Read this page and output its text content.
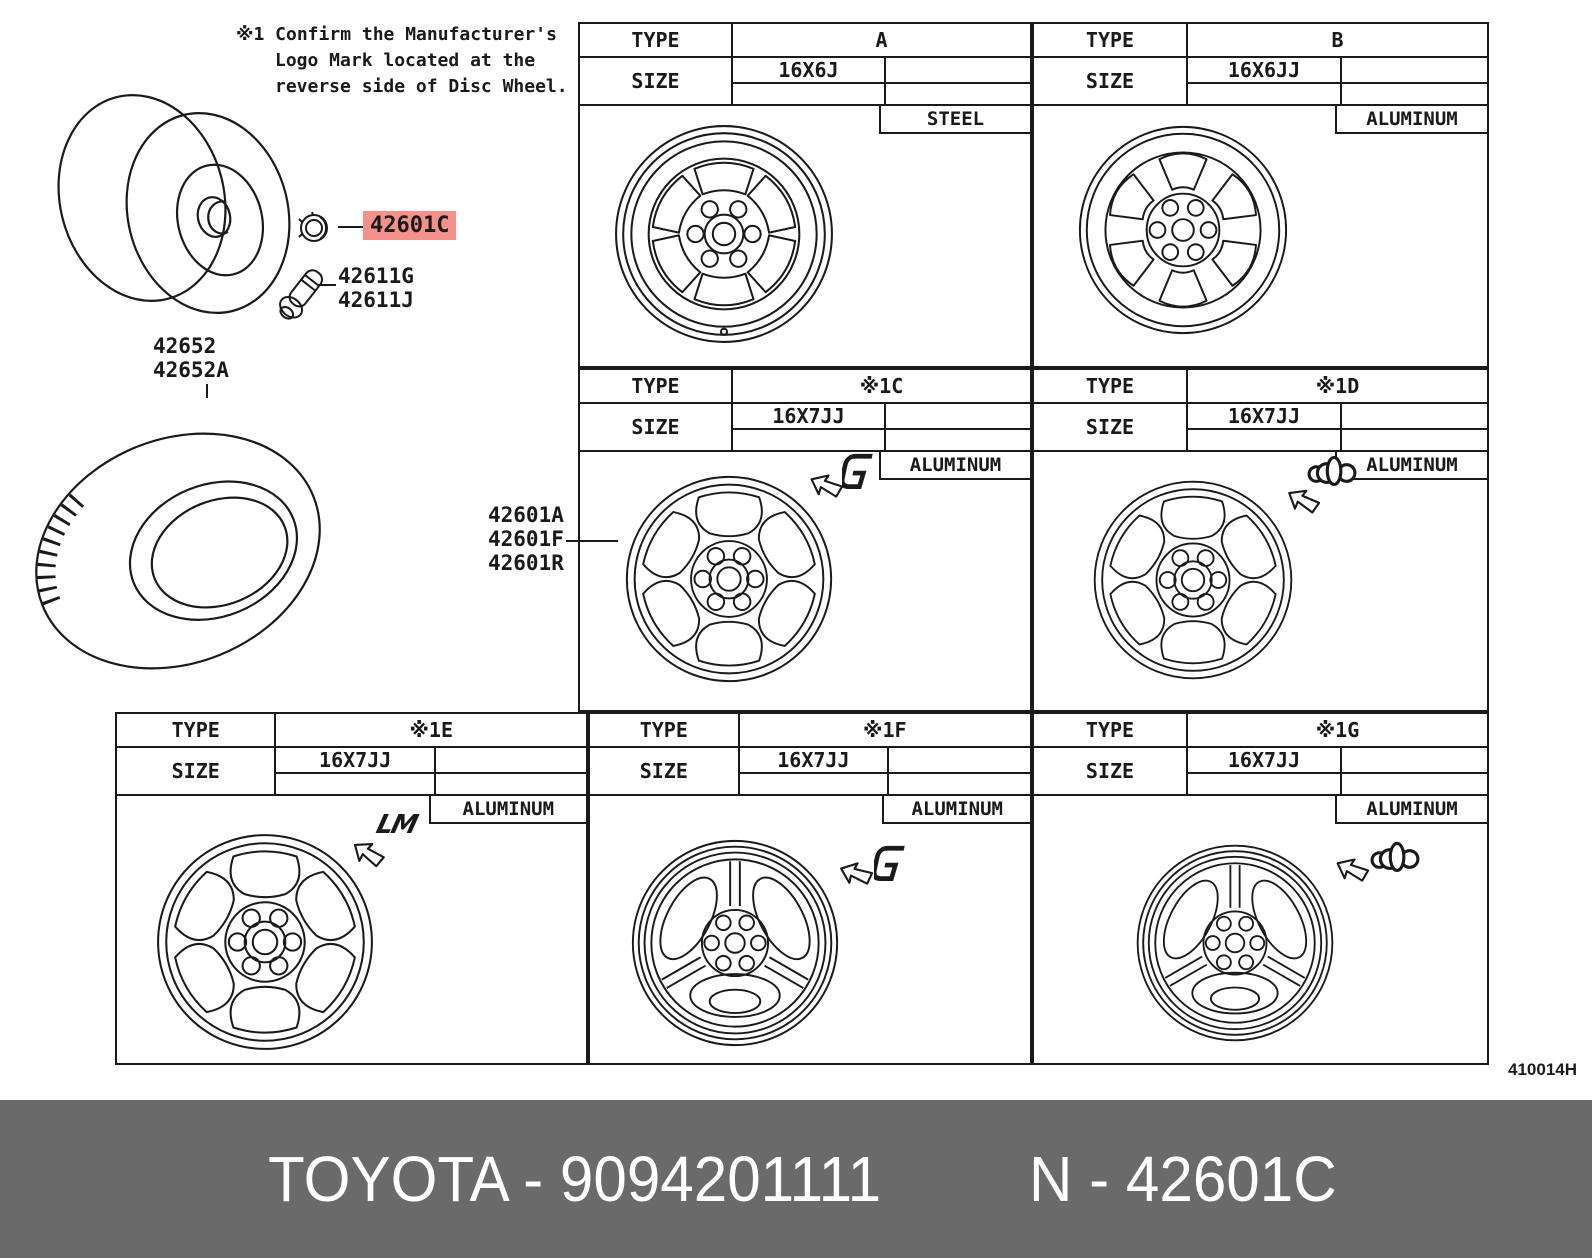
※1 Confirm the Manufacturer's
Logo Mark located at the
reverse side of Disc Wheel.
42601C
42611G
42611J
42652
42652A
42601A
42601F
42601R
TYPE	A
SIZE	16X6J
STEEL
TYPE	B
SIZE	16X6JJ
ALUMINUM
TYPE	※1C
SIZE	16X7JJ
ALUMINUM
TYPE	※1D
SIZE	16X7JJ
ALUMINUM
TYPE	※1E
SIZE	16X7JJ
ALUMINUM
LM
TYPE	※1F
SIZE	16X7JJ
ALUMINUM
TYPE	※1G
SIZE	16X7JJ
ALUMINUM
410014H
TOYOTA - 9094201111 N - 42601C
